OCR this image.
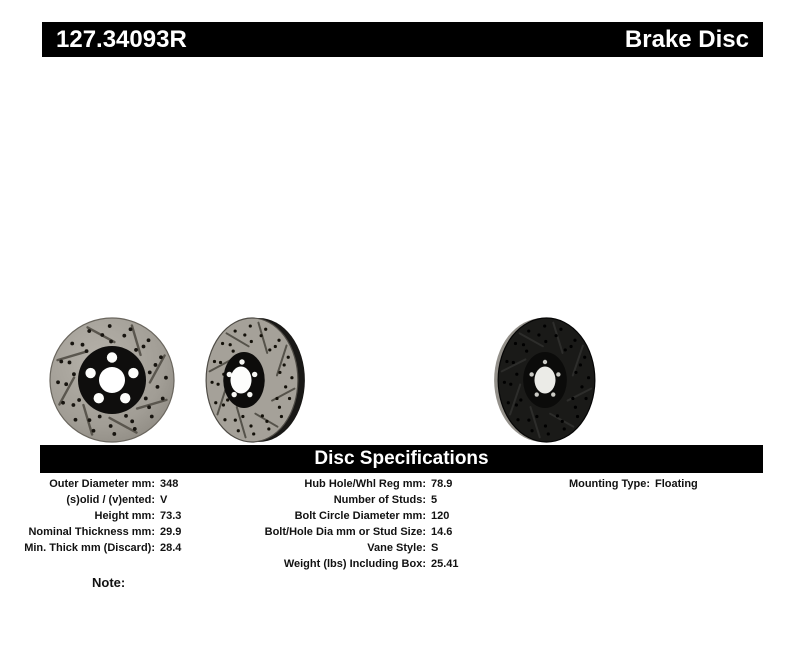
127.34093R	Brake Disc
Disc Specifications
Outer Diameter mm: 348
(s)olid / (v)ented: V
Height mm: 73.3
Nominal Thickness mm: 29.9
Min. Thick mm (Discard): 28.4
Hub Hole/Whl Reg mm: 78.9
Number of Studs: 5
Bolt Circle Diameter mm: 120
Bolt/Hole Dia mm or Stud Size: 14.6
Vane Style: S
Weight (lbs) Including Box: 25.41
Mounting Type: Floating
Note:
